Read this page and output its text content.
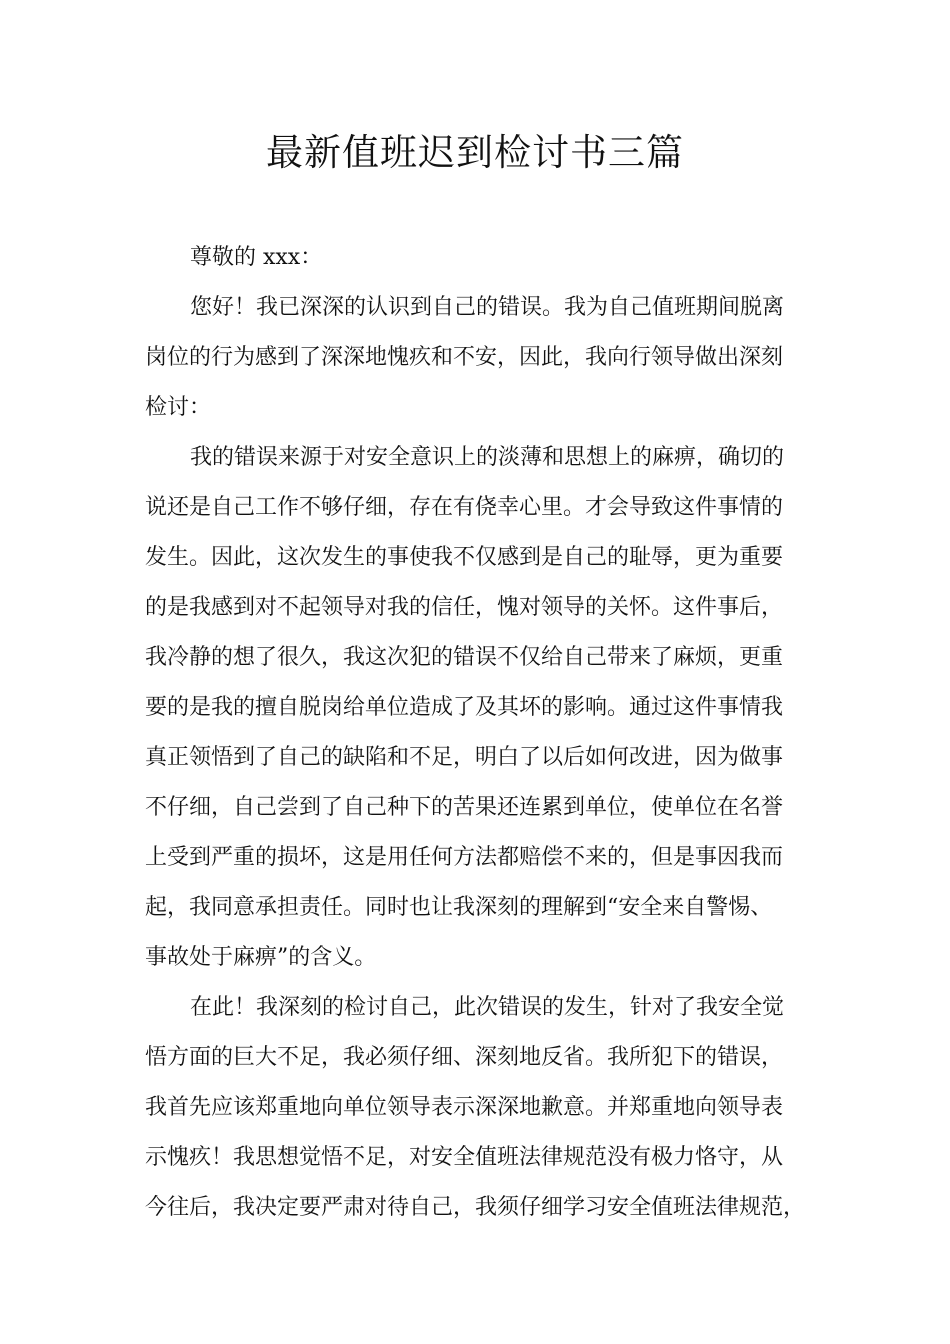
最新值班迟到检讨书三篇
尊敬的 xxx：
您好！我已深深的认识到自己的错误。我为自己值班期间脱离
岗位的行为感到了深深地愧疚和不安，因此，我向行领导做出深刻
检讨：
我的错误来源于对安全意识上的淡薄和思想上的麻痹，确切的
说还是自己工作不够仔细，存在有侥幸心里。才会导致这件事情的
发生。因此，这次发生的事使我不仅感到是自己的耻辱，更为重要
的是我感到对不起领导对我的信任，愧对领导的关怀。这件事后，
我冷静的想了很久，我这次犯的错误不仅给自己带来了麻烦，更重
要的是我的擅自脱岗给单位造成了及其坏的影响。通过这件事情我
真正领悟到了自己的缺陷和不足，明白了以后如何改进，因为做事
不仔细，自己尝到了自己种下的苦果还连累到单位，使单位在名誉
上受到严重的损坏，这是用任何方法都赔偿不来的，但是事因我而
起，我同意承担责任。同时也让我深刻的理解到“安全来自警惕、
事故处于麻痹”的含义。
在此！我深刻的检讨自己，此次错误的发生，针对了我安全觉
悟方面的巨大不足，我必须仔细、深刻地反省。我所犯下的错误，
我首先应该郑重地向单位领导表示深深地歉意。并郑重地向领导表
示愧疚！我思想觉悟不足，对安全值班法律规范没有极力恪守，从
今往后，我决定要严肃对待自己，我须仔细学习安全值班法律规范，
